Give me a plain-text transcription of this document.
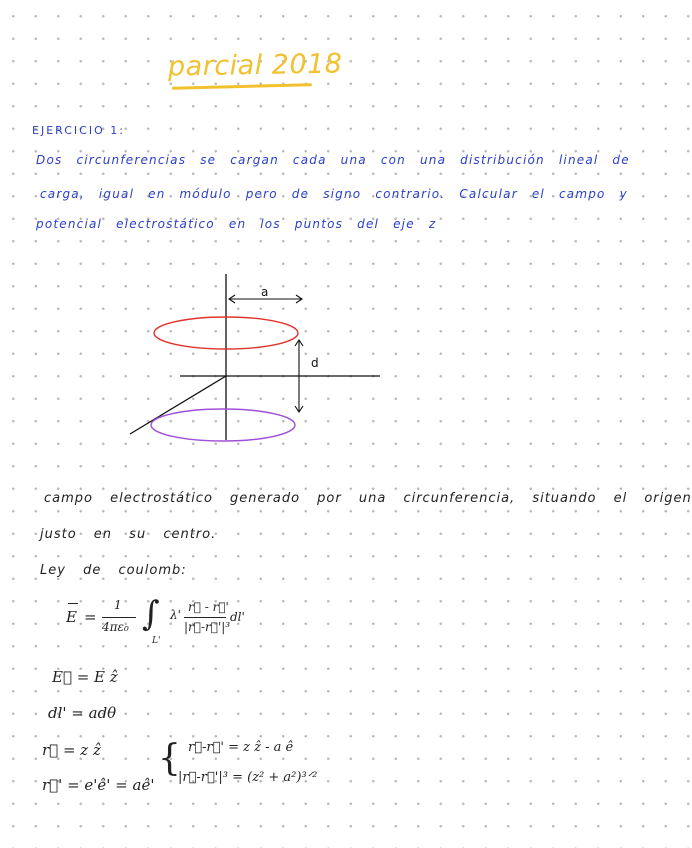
parcial 2018
EJERCICIO 1:
Dos circunferencias se cargan cada una con una distribución lineal de
carga, igual en módulo pero de signo contrario. Calcular el campo y
potencial electrostático en los puntos del eje z
a
d
campo electrostático generado por una circunferencia, situando el origen
justo en su centro.
Ley de coulomb:
E =
1
4πε₀ ∫
L'
λ'
r⃗ - r⃗'
|r⃗-r⃗'|³
dl'
E⃗ = E ẑ
dl' = adθ
r⃗ = z ẑ
r⃗' = e'ê' = aê'
{ r⃗-r⃗' = z ẑ - a ê
|r⃗-r⃗'|³ = (z² + a²)³ᐟ²
